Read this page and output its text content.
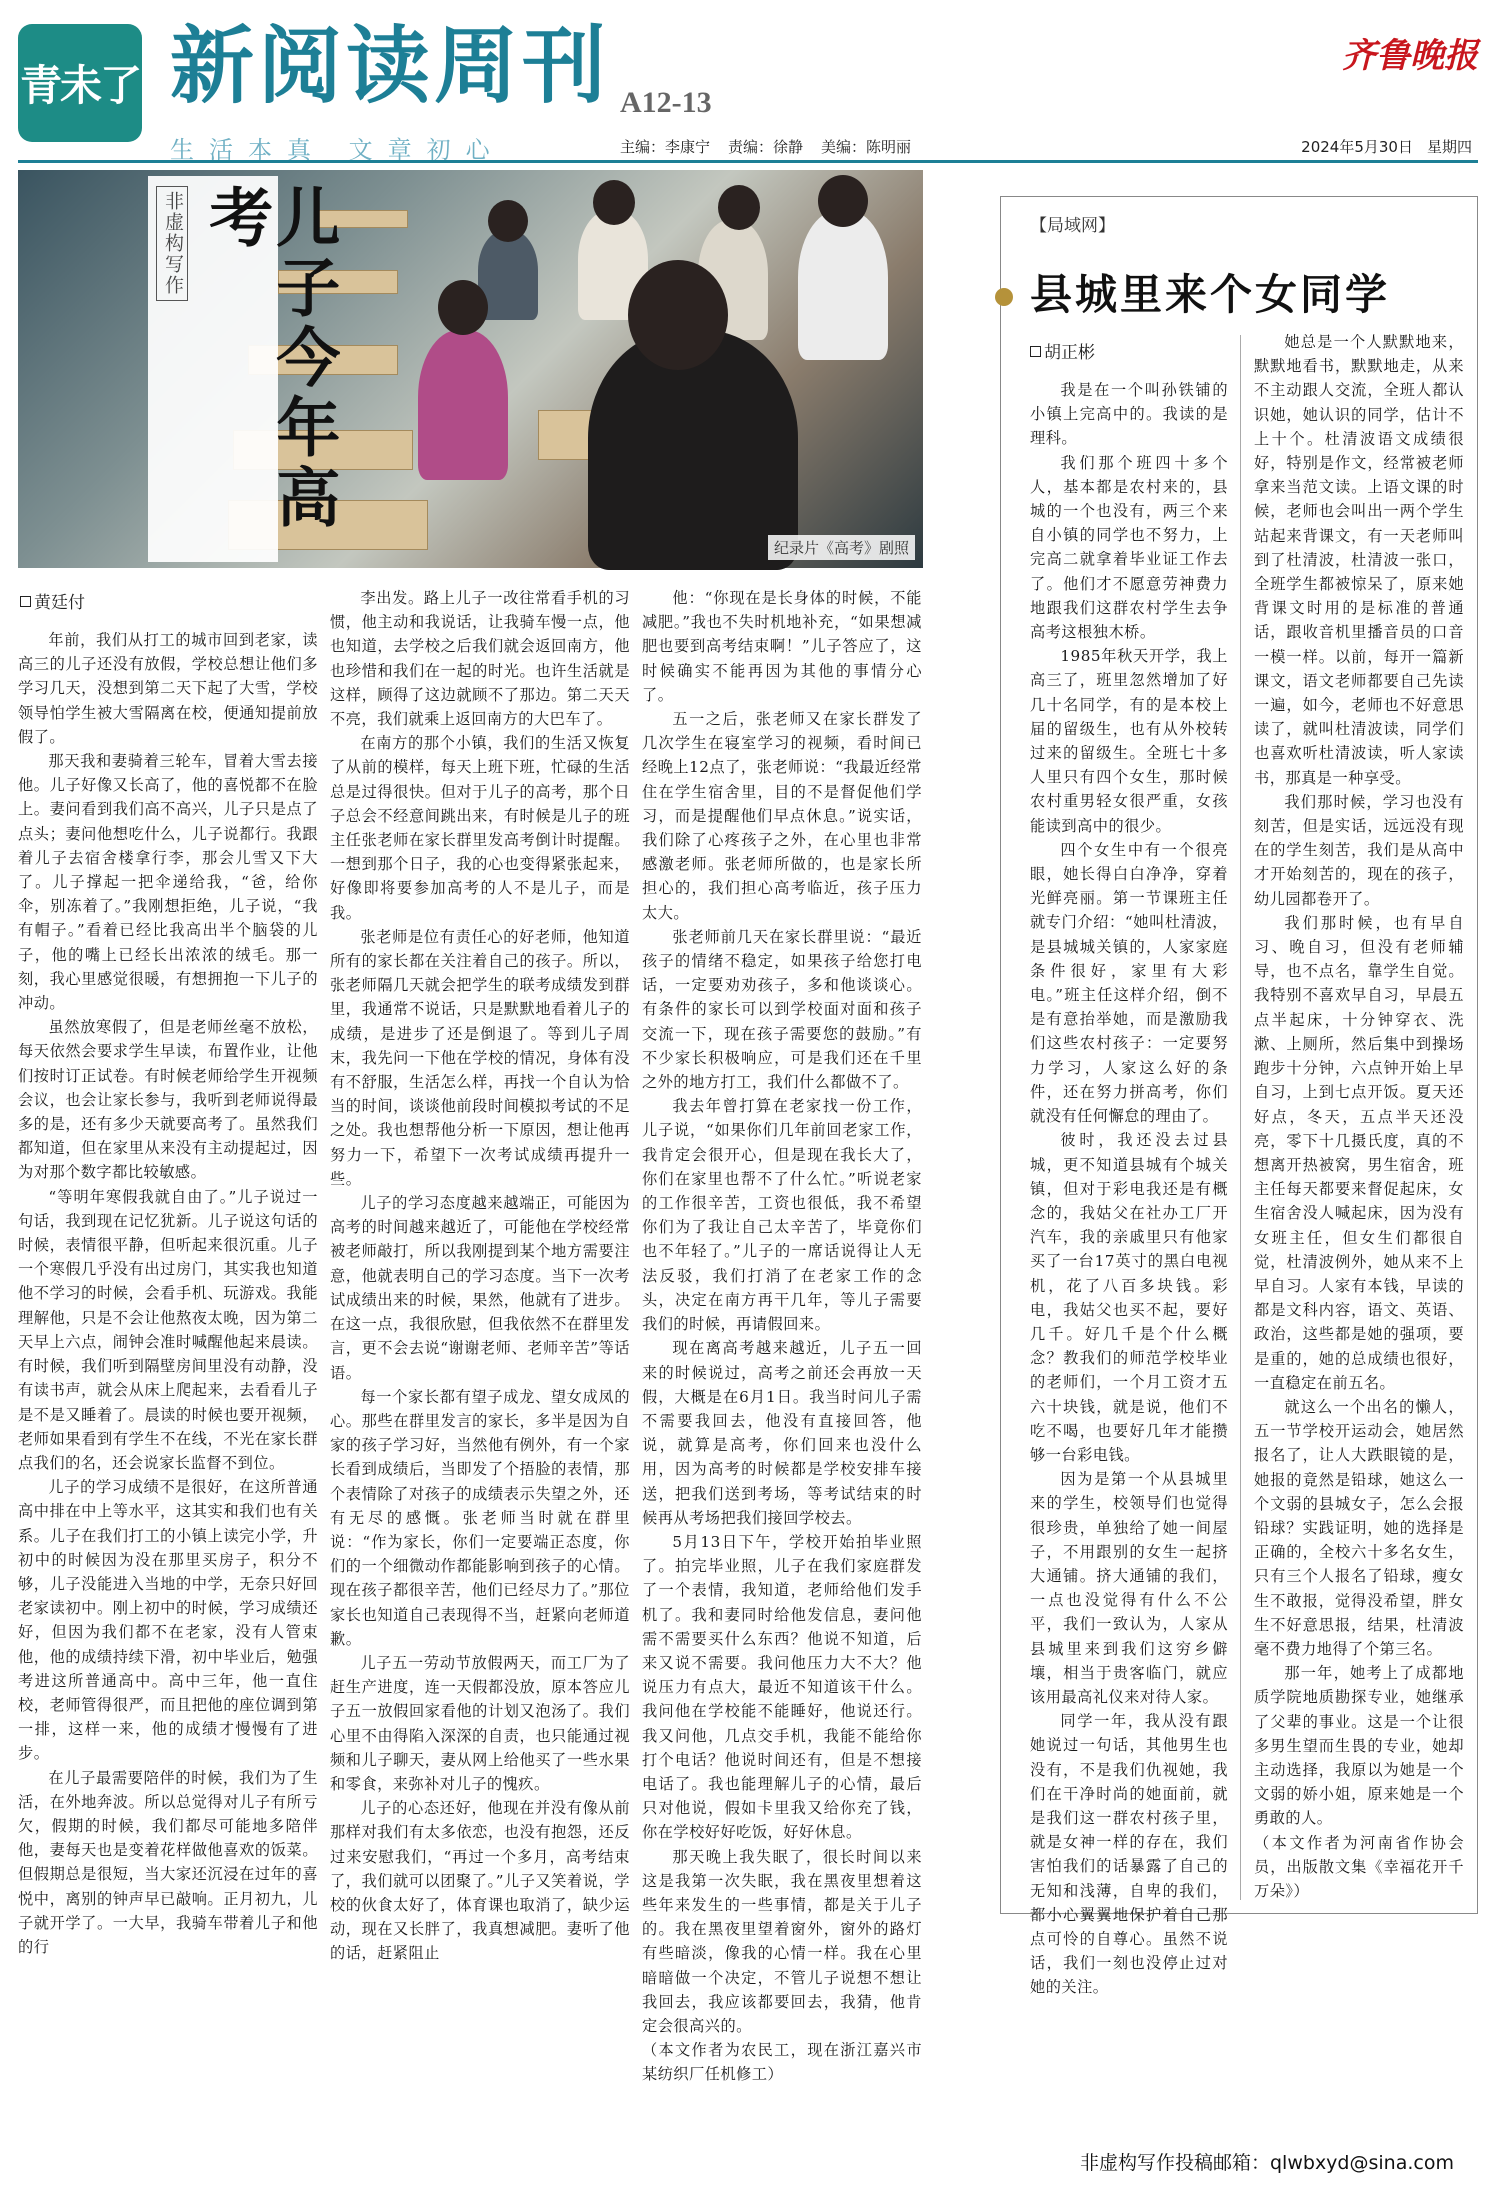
青未了 新阅读周刊 A12-13
齐鲁晚报
生活本真 文章初心	主编：李康宁 责编：徐静 美编：陈明丽	2024年5月30日 星期四
纪录片《高考》剧照
非虚构写作	儿子今年高考
黄廷付

年前，我们从打工的城市回到老家，读高三的儿子还没有放假，学校总想让他们多学习几天，没想到第二天下起了大雪，学校领导怕学生被大雪隔离在校，便通知提前放假了。

那天我和妻骑着三轮车，冒着大雪去接他。儿子好像又长高了，他的喜悦都不在脸上。妻问看到我们高不高兴，儿子只是点了点头；妻问他想吃什么，儿子说都行。我跟着儿子去宿舍楼拿行李，那会儿雪又下大了。儿子撑起一把伞递给我，“爸，给你伞，别冻着了。”我刚想拒绝，儿子说，“我有帽子。”看着已经比我高出半个脑袋的儿子，他的嘴上已经长出浓浓的绒毛。那一刻，我心里感觉很暖，有想拥抱一下儿子的冲动。

虽然放寒假了，但是老师丝毫不放松，每天依然会要求学生早读，布置作业，让他们按时订正试卷。有时候老师给学生开视频会议，也会让家长参与，我听到老师说得最多的是，还有多少天就要高考了。虽然我们都知道，但在家里从来没有主动提起过，因为对那个数字都比较敏感。

“等明年寒假我就自由了。”儿子说过一句话，我到现在记忆犹新。儿子说这句话的时候，表情很平静，但听起来很沉重。儿子一个寒假几乎没有出过房门，其实我也知道他不学习的时候，会看手机、玩游戏。我能理解他，只是不会让他熬夜太晚，因为第二天早上六点，闹钟会准时喊醒他起来晨读。有时候，我们听到隔壁房间里没有动静，没有读书声，就会从床上爬起来，去看看儿子是不是又睡着了。晨读的时候也要开视频，老师如果看到有学生不在线，不光在家长群点我们的名，还会说家长监督不到位。

儿子的学习成绩不是很好，在这所普通高中排在中上等水平，这其实和我们也有关系。儿子在我们打工的小镇上读完小学，升初中的时候因为没在那里买房子，积分不够，儿子没能进入当地的中学，无奈只好回老家读初中。刚上初中的时候，学习成绩还好，但因为我们都不在老家，没有人管束他，他的成绩持续下滑，初中毕业后，勉强考进这所普通高中。高中三年，他一直住校，老师管得很严，而且把他的座位调到第一排，这样一来，他的成绩才慢慢有了进步。

在儿子最需要陪伴的时候，我们为了生活，在外地奔波。所以总觉得对儿子有所亏欠，假期的时候，我们都尽可能地多陪伴他，妻每天也是变着花样做他喜欢的饭菜。但假期总是很短，当大家还沉浸在过年的喜悦中，离别的钟声早已敲响。正月初九，儿子就开学了。一大早，我骑车带着儿子和他的行

李出发。路上儿子一改往常看手机的习惯，他主动和我说话，让我骑车慢一点，他也知道，去学校之后我们就会返回南方，他也珍惜和我们在一起的时光。也许生活就是这样，顾得了这边就顾不了那边。第二天天不亮，我们就乘上返回南方的大巴车了。

在南方的那个小镇，我们的生活又恢复了从前的模样，每天上班下班，忙碌的生活总是过得很快。但对于儿子的高考，那个日子总会不经意间跳出来，有时候是儿子的班主任张老师在家长群里发高考倒计时提醒。一想到那个日子，我的心也变得紧张起来，好像即将要参加高考的人不是儿子，而是我。

张老师是位有责任心的好老师，他知道所有的家长都在关注着自己的孩子。所以，张老师隔几天就会把学生的联考成绩发到群里，我通常不说话，只是默默地看着儿子的成绩，是进步了还是倒退了。等到儿子周末，我先问一下他在学校的情况，身体有没有不舒服，生活怎么样，再找一个自认为恰当的时间，谈谈他前段时间模拟考试的不足之处。我也想帮他分析一下原因，想让他再努力一下，希望下一次考试成绩再提升一些。

儿子的学习态度越来越端正，可能因为高考的时间越来越近了，可能他在学校经常被老师敲打，所以我刚提到某个地方需要注意，他就表明自己的学习态度。当下一次考试成绩出来的时候，果然，他就有了进步。在这一点，我很欣慰，但我依然不在群里发言，更不会去说“谢谢老师、老师辛苦”等话语。

每一个家长都有望子成龙、望女成凤的心。那些在群里发言的家长，多半是因为自家的孩子学习好，当然他有例外，有一个家长看到成绩后，当即发了个捂脸的表情，那个表情除了对孩子的成绩表示失望之外，还有无尽的感慨。张老师当时就在群里说：“作为家长，你们一定要端正态度，你们的一个细微动作都能影响到孩子的心情。现在孩子都很辛苦，他们已经尽力了。”那位家长也知道自己表现得不当，赶紧向老师道歉。

儿子五一劳动节放假两天，而工厂为了赶生产进度，连一天假都没放，原本答应儿子五一放假回家看他的计划又泡汤了。我们心里不由得陷入深深的自责，也只能通过视频和儿子聊天，妻从网上给他买了一些水果和零食，来弥补对儿子的愧疚。

儿子的心态还好，他现在并没有像从前那样对我们有太多依恋，也没有抱怨，还反过来安慰我们，“再过一个多月，高考结束了，我们就可以团聚了。”儿子又笑着说，学校的伙食太好了，体育课也取消了，缺少运动，现在又长胖了，我真想减肥。妻听了他的话，赶紧阻止

他：“你现在是长身体的时候，不能减肥。”我也不失时机地补充，“如果想减肥也要到高考结束啊！”儿子答应了，这时候确实不能再因为其他的事情分心了。

五一之后，张老师又在家长群发了几次学生在寝室学习的视频，看时间已经晚上12点了，张老师说：“我最近经常住在学生宿舍里，目的不是督促他们学习，而是提醒他们早点休息。”说实话，我们除了心疼孩子之外，在心里也非常感激老师。张老师所做的，也是家长所担心的，我们担心高考临近，孩子压力太大。

张老师前几天在家长群里说：“最近孩子的情绪不稳定，如果孩子给您打电话，一定要劝劝孩子，多和他谈谈心。有条件的家长可以到学校面对面和孩子交流一下，现在孩子需要您的鼓励。”有不少家长积极响应，可是我们还在千里之外的地方打工，我们什么都做不了。

我去年曾打算在老家找一份工作，儿子说，“如果你们几年前回老家工作，我肯定会很开心，但是现在我长大了，你们在家里也帮不了什么忙。”听说老家的工作很辛苦，工资也很低，我不希望你们为了我让自己太辛苦了，毕竟你们也不年轻了。”儿子的一席话说得让人无法反驳，我们打消了在老家工作的念头，决定在南方再干几年，等儿子需要我们的时候，再请假回来。

现在离高考越来越近，儿子五一回来的时候说过，高考之前还会再放一天假，大概是在6月1日。我当时问儿子需不需要我回去，他没有直接回答，他说，就算是高考，你们回来也没什么用，因为高考的时候都是学校安排车接送，把我们送到考场，等考试结束的时候再从考场把我们接回学校去。

5月13日下午，学校开始拍毕业照了。拍完毕业照，儿子在我们家庭群发了一个表情，我知道，老师给他们发手机了。我和妻同时给他发信息，妻问他需不需要买什么东西？他说不知道，后来又说不需要。我问他压力大不大？他说压力有点大，最近不知道该干什么。我问他在学校能不能睡好，他说还行。我又问他，几点交手机，我能不能给你打个电话？他说时间还有，但是不想接电话了。我也能理解儿子的心情，最后只对他说，假如卡里我又给你充了钱，你在学校好好吃饭，好好休息。

那天晚上我失眠了，很长时间以来这是我第一次失眠，我在黑夜里想着这些年来发生的一些事情，都是关于儿子的。我在黑夜里望着窗外，窗外的路灯有些暗淡，像我的心情一样。我在心里暗暗做一个决定，不管儿子说想不想让我回去，我应该都要回去，我猜，他肯定会很高兴的。

（本文作者为农民工，现在浙江嘉兴市某纺织厂任机修工）

【局域网】
县城里来个女同学
胡正彬

我是在一个叫孙铁铺的小镇上完高中的。我读的是理科。

我们那个班四十多个人，基本都是农村来的，县城的一个也没有，两三个来自小镇的同学也不努力，上完高二就拿着毕业证工作去了。他们才不愿意劳神费力地跟我们这群农村学生去争高考这根独木桥。

1985年秋天开学，我上高三了，班里忽然增加了好几十名同学，有的是本校上届的留级生，也有从外校转过来的留级生。全班七十多人里只有四个女生，那时候农村重男轻女很严重，女孩能读到高中的很少。

四个女生中有一个很亮眼，她长得白白净净，穿着光鲜亮丽。第一节课班主任就专门介绍：“她叫杜清波，是县城城关镇的，人家家庭条件很好，家里有大彩电。”班主任这样介绍，倒不是有意抬举她，而是激励我们这些农村孩子：一定要努力学习，人家这么好的条件，还在努力拼高考，你们就没有任何懈怠的理由了。

彼时，我还没去过县城，更不知道县城有个城关镇，但对于彩电我还是有概念的，我姑父在社办工厂开汽车，我的亲戚里只有他家买了一台17英寸的黑白电视机，花了八百多块钱。彩电，我姑父也买不起，要好几千。好几千是个什么概念？教我们的师范学校毕业的老师们，一个月工资才五六十块钱，就是说，他们不吃不喝，也要好几年才能攒够一台彩电钱。

因为是第一个从县城里来的学生，校领导们也觉得很珍贵，单独给了她一间屋子，不用跟别的女生一起挤大通铺。挤大通铺的我们，一点也没觉得有什么不公平，我们一致认为，人家从县城里来到我们这穷乡僻壤，相当于贵客临门，就应该用最高礼仪来对待人家。

同学一年，我从没有跟她说过一句话，其他男生也没有，不是我们仇视她，我们在干净时尚的她面前，就是我们这一群农村孩子里，就是女神一样的存在，我们害怕我们的话暴露了自己的无知和浅薄，自卑的我们，都小心翼翼地保护着自己那点可怜的自尊心。虽然不说话，我们一刻也没停止过对她的关注。

她总是一个人默默地来，默默地看书，默默地走，从来不主动跟人交流，全班人都认识她，她认识的同学，估计不上十个。杜清波语文成绩很好，特别是作文，经常被老师拿来当范文读。上语文课的时候，老师也会叫出一两个学生站起来背课文，有一天老师叫到了杜清波，杜清波一张口，全班学生都被惊呆了，原来她背课文时用的是标准的普通话，跟收音机里播音员的口音一模一样。以前，每开一篇新课文，语文老师都要自己先读一遍，如今，老师也不好意思读了，就叫杜清波读，同学们也喜欢听杜清波读，听人家读书，那真是一种享受。

我们那时候，学习也没有刻苦，但是实话，远远没有现在的学生刻苦，我们是从高中才开始刻苦的，现在的孩子，幼儿园都卷开了。

我们那时候，也有早自习、晚自习，但没有老师辅导，也不点名，靠学生自觉。我特别不喜欢早自习，早晨五点半起床，十分钟穿衣、洗漱、上厕所，然后集中到操场跑步十分钟，六点钟开始上早自习，上到七点开饭。夏天还好点，冬天，五点半天还没亮，零下十几摄氏度，真的不想离开热被窝，男生宿舍，班主任每天都要来督促起床，女生宿舍没人喊起床，因为没有女班主任，但女生们都很自觉，杜清波例外，她从来不上早自习。人家有本钱，早读的都是文科内容，语文、英语、政治，这些都是她的强项，要是重的，她的总成绩也很好，一直稳定在前五名。

就这么一个出名的懒人，五一节学校开运动会，她居然报名了，让人大跌眼镜的是，她报的竟然是铅球，她这么一个文弱的县城女子，怎么会报铅球？实践证明，她的选择是正确的，全校六十多名女生，只有三个人报名了铅球，瘦女生不敢报，觉得没希望，胖女生不好意思报，结果，杜清波毫不费力地得了个第三名。

那一年，她考上了成都地质学院地质勘探专业，她继承了父辈的事业。这是一个让很多男生望而生畏的专业，她却主动选择，我原以为她是一个文弱的娇小姐，原来她是一个勇敢的人。

（本文作者为河南省作协会员，出版散文集《幸福花开千万朵》）

非虚构写作投稿邮箱：qlwbxyd@sina.com
